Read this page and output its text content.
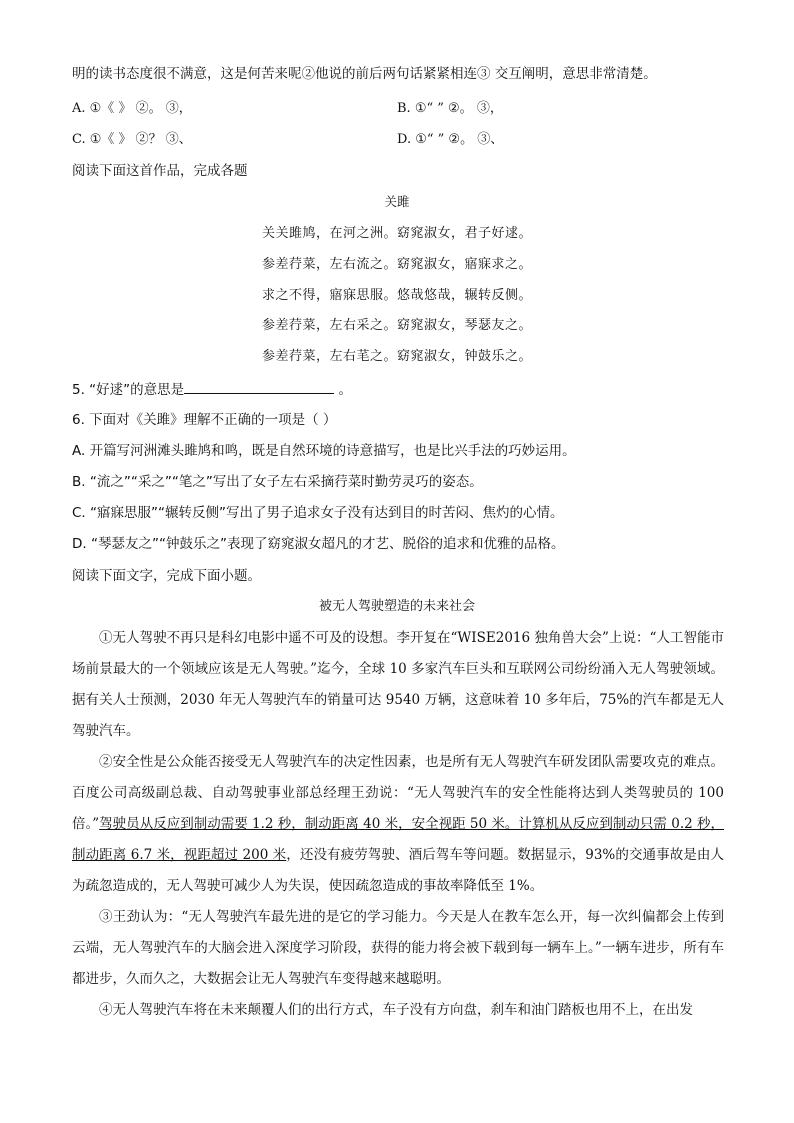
明的读书态度很不满意，这是何苦来呢②他说的前后两句话紧紧相连③ 交互阐明，意思非常清楚。
A. ①《 》 ②。 ③，	B. ①“ ” ②。 ③，
C. ①《 》 ②？ ③、	D. ①“ ” ②。 ③、
阅读下面这首作品，完成各题
关雎
关关雎鸠，在河之洲。窈窕淑女，君子好逑。
参差荇菜，左右流之。窈窕淑女，寤寐求之。
求之不得，寤寐思服。悠哉悠哉，辗转反侧。
参差荇菜，左右采之。窈窕淑女，琴瑟友之。
参差荇菜，左右芼之。窈窕淑女，钟鼓乐之。
5. “好逑”的意思是	。
6. 下面对《关雎》理解不正确的一项是（ ）
A. 开篇写河洲滩头雎鸠和鸣，既是自然环境的诗意描写，也是比兴手法的巧妙运用。
B. “流之”“采之”“笔之”写出了女子左右采摘荇菜时勤劳灵巧的姿态。
C. “寤寐思服”“辗转反侧”写出了男子追求女子没有达到目的时苦闷、焦灼的心情。
D. “琴瑟友之”“钟鼓乐之”表现了窈窕淑女超凡的才艺、脱俗的追求和优雅的品格。
阅读下面文字，完成下面小题。
被无人驾驶塑造的未来社会

①无人驾驶不再只是科幻电影中遥不可及的设想。李开复在“WISE2016 独角兽大会”上说：“人工智能市场前景最大的一个领域应该是无人驾驶。”迄今，全球 10 多家汽车巨头和互联网公司纷纷涌入无人驾驶领域。据有关人士预测，2030 年无人驾驶汽车的销量可达 9540 万辆，这意味着 10 多年后，75%的汽车都是无人驾驶汽车。

②安全性是公众能否接受无人驾驶汽车的决定性因素，也是所有无人驾驶汽车研发团队需要攻克的难点。百度公司高级副总裁、自动驾驶事业部总经理王劲说：“无人驾驶汽车的安全性能将达到人类驾驶员的 100 倍。”驾驶员从反应到制动需要 1.2 秒，制动距离 40 米，安全视距 50 米。计算机从反应到制动只需 0.2 秒，制动距离 6.7 米，视距超过 200 米，还没有疲劳驾驶、酒后驾车等问题。数据显示，93%的交通事故是由人为疏忽造成的，无人驾驶可减少人为失误，使因疏忽造成的事故率降低至 1%。

③王劲认为：“无人驾驶汽车最先进的是它的学习能力。今天是人在教车怎么开，每一次纠偏都会上传到云端，无人驾驶汽车的大脑会进入深度学习阶段，获得的能力将会被下载到每一辆车上。”一辆车进步，所有车都进步，久而久之，大数据会让无人驾驶汽车变得越来越聪明。

④无人驾驶汽车将在未来颠覆人们的出行方式，车子没有方向盘，刹车和油门踏板也用不上，在出发
